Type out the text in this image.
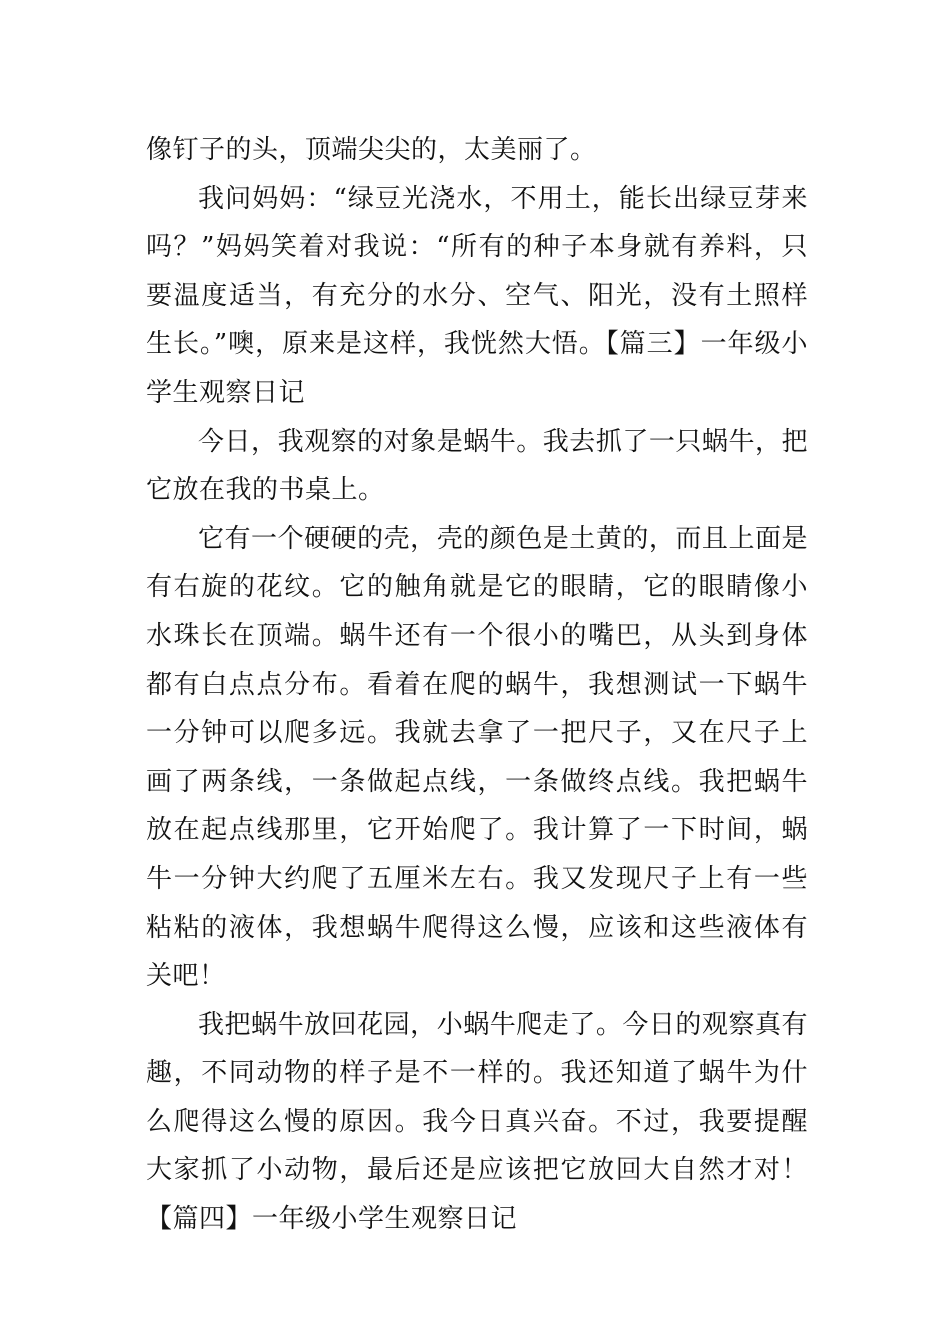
像钉子的头，顶端尖尖的，太美丽了。

我问妈妈：“绿豆光浇水，不用土，能长出绿豆芽来吗？”妈妈笑着对我说：“所有的种子本身就有养料，只要温度适当，有充分的水分、空气、阳光，没有土照样生长。”噢，原来是这样，我恍然大悟。【篇三】一年级小学生观察日记

今日，我观察的对象是蜗牛。我去抓了一只蜗牛，把它放在我的书桌上。

它有一个硬硬的壳，壳的颜色是土黄的，而且上面是有右旋的花纹。它的触角就是它的眼睛，它的眼睛像小水珠长在顶端。蜗牛还有一个很小的嘴巴，从头到身体都有白点点分布。看着在爬的蜗牛，我想测试一下蜗牛一分钟可以爬多远。我就去拿了一把尺子，又在尺子上画了两条线，一条做起点线，一条做终点线。我把蜗牛放在起点线那里，它开始爬了。我计算了一下时间，蜗牛一分钟大约爬了五厘米左右。我又发现尺子上有一些粘粘的液体，我想蜗牛爬得这么慢，应该和这些液体有关吧！

我把蜗牛放回花园，小蜗牛爬走了。今日的观察真有趣，不同动物的样子是不一样的。我还知道了蜗牛为什么爬得这么慢的原因。我今日真兴奋。不过，我要提醒大家抓了小动物，最后还是应该把它放回大自然才对！ 【篇四】一年级小学生观察日记
